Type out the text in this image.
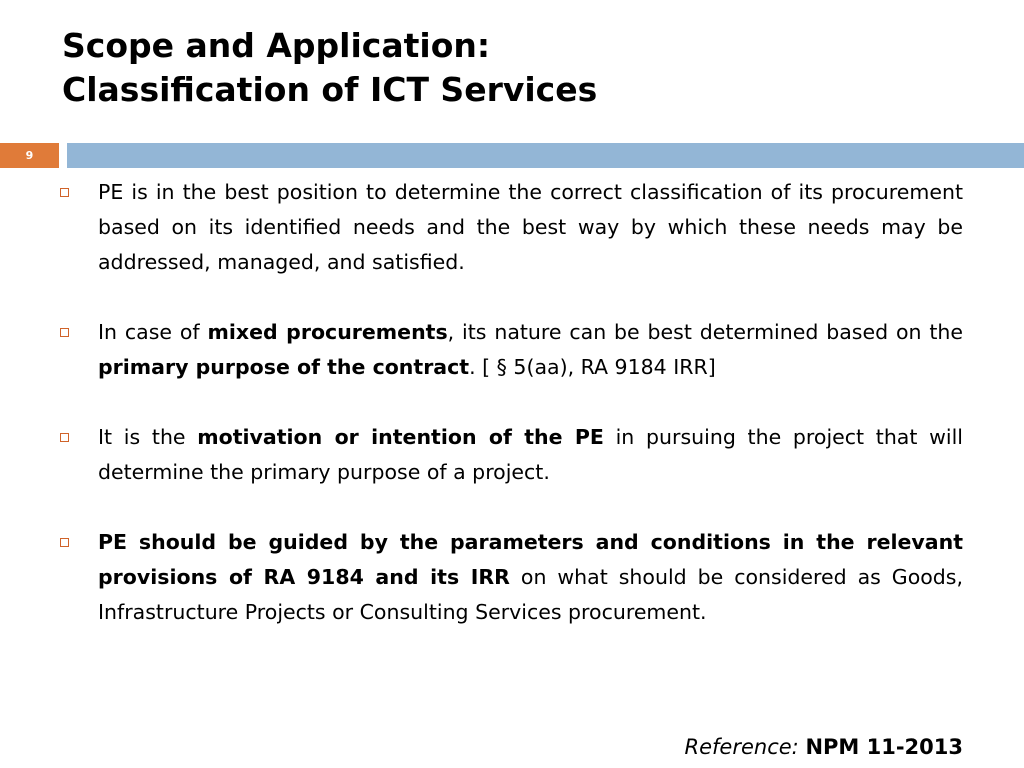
Scope and Application:
Classification of ICT Services
9
PE is in the best position to determine the correct classification of its procurement based on its identified needs and the best way by which these needs may be addressed, managed, and satisfied.
In case of mixed procurements, its nature can be best determined based on the primary purpose of the contract. [ § 5(aa), RA 9184 IRR]
It is the motivation or intention of the PE in pursuing the project that will determine the primary purpose of a project.
PE should be guided by the parameters and conditions in the relevant provisions of RA 9184 and its IRR on what should be considered as Goods, Infrastructure Projects or Consulting Services procurement.
Reference: NPM 11-2013
